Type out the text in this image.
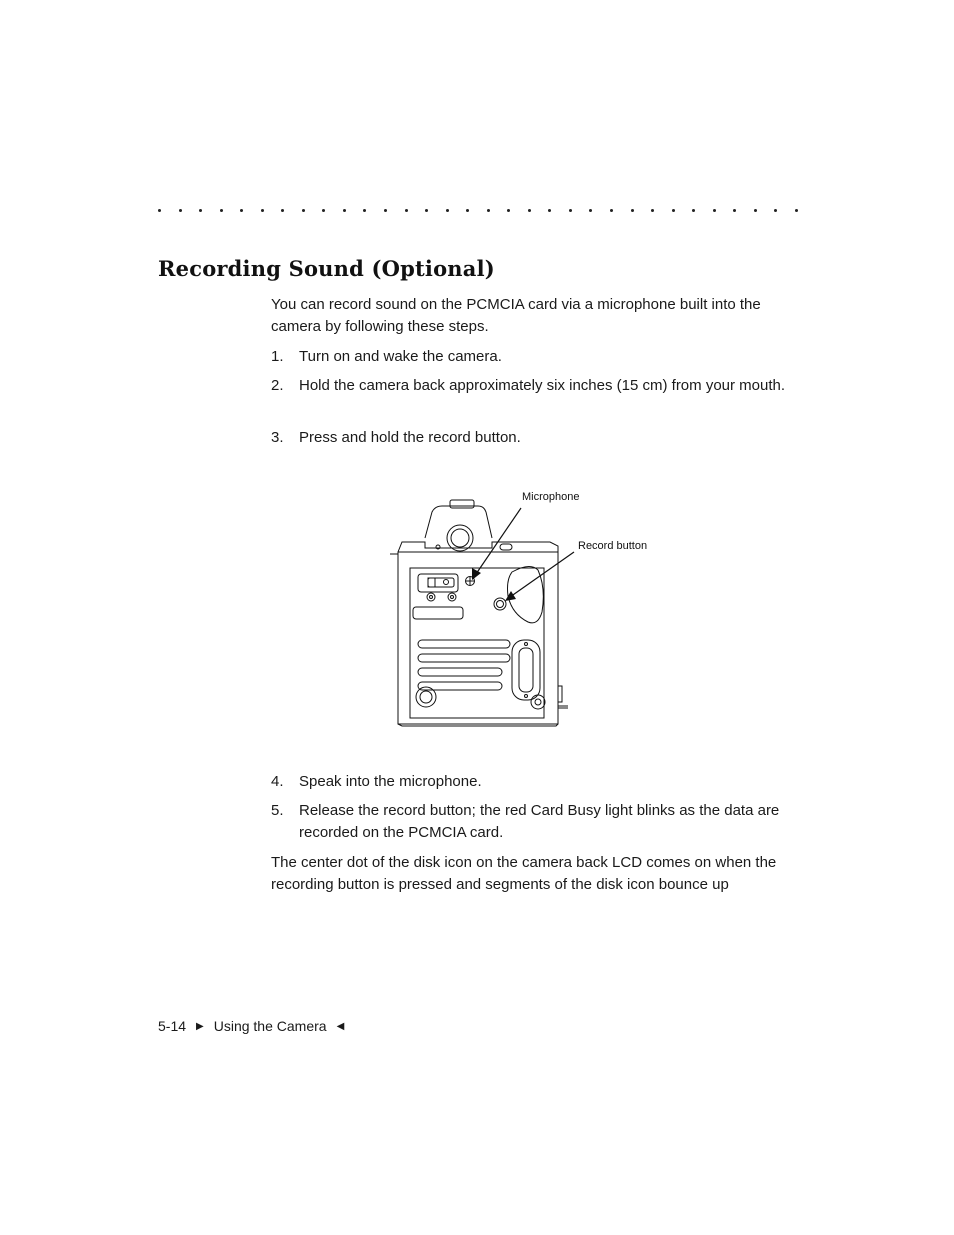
Recording Sound (Optional)

You can record sound on the PCMCIA card via a microphone built into the camera by following these steps.

1.	Turn on and wake the camera.
2.	Hold the camera back approximately six inches (15 cm) from your mouth.
3.	Press and hold the record button.
Microphone
Record button
4.	Speak into the microphone.
5.	Release the record button; the red Card Busy light blinks as the data are recorded on the PCMCIA card.

The center dot of the disk icon on the camera back LCD comes on when the recording button is pressed and segments of the disk icon bounce up

5-14 ▶ Using the Camera ◀
